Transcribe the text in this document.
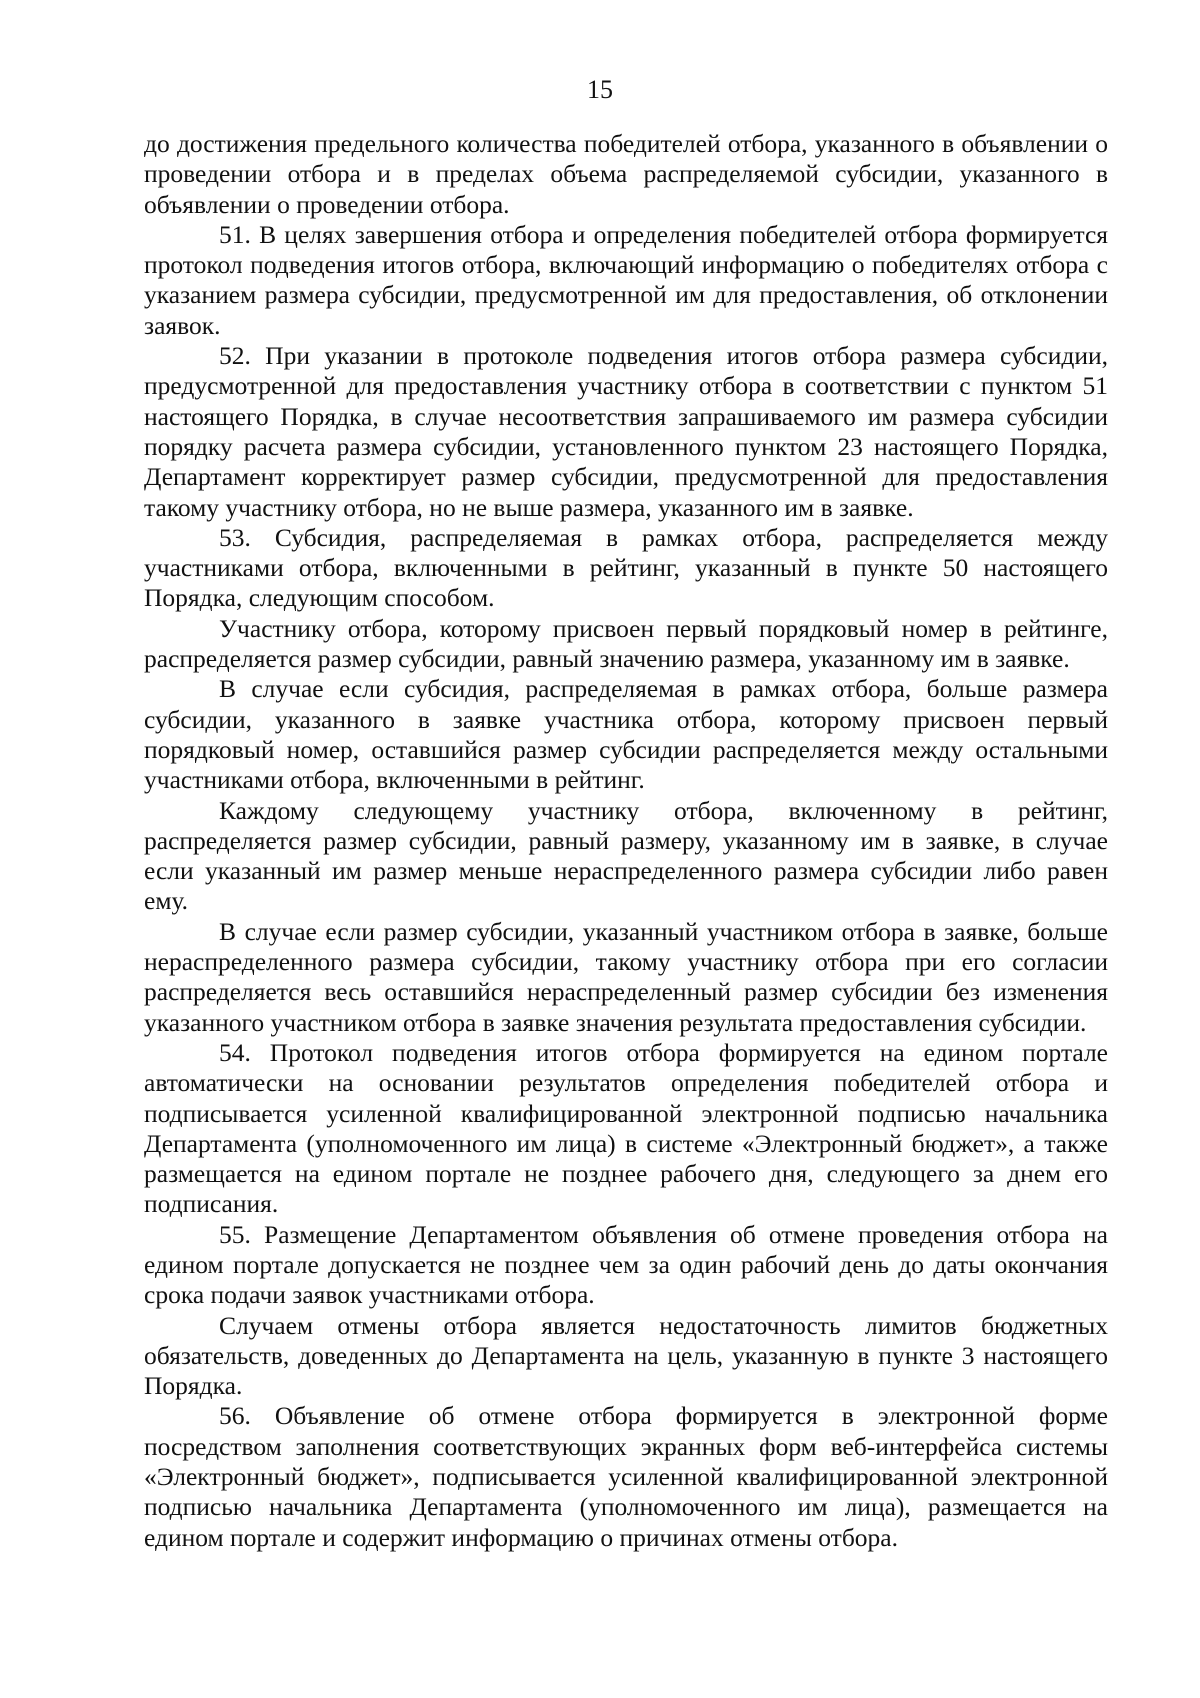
15

до достижения предельного количества победителей отбора, указанного в объявлении о проведении отбора и в пределах объема распределяемой субсидии, указанного в объявлении о проведении отбора.

51. В целях завершения отбора и определения победителей отбора формируется протокол подведения итогов отбора, включающий информацию о победителях отбора с указанием размера субсидии, предусмотренной им для предоставления, об отклонении заявок.

52. При указании в протоколе подведения итогов отбора размера субсидии, предусмотренной для предоставления участнику отбора в соответствии с пунктом 51 настоящего Порядка, в случае несоответствия запрашиваемого им размера субсидии порядку расчета размера субсидии, установленного пунктом 23 настоящего Порядка, Департамент корректирует размер субсидии, предусмотренной для предоставления такому участнику отбора, но не выше размера, указанного им в заявке.

53. Субсидия, распределяемая в рамках отбора, распределяется между участниками отбора, включенными в рейтинг, указанный в пункте 50 настоящего Порядка, следующим способом.

Участнику отбора, которому присвоен первый порядковый номер в рейтинге, распределяется размер субсидии, равный значению размера, указанному им в заявке.

В случае если субсидия, распределяемая в рамках отбора, больше размера субсидии, указанного в заявке участника отбора, которому присвоен первый порядковый номер, оставшийся размер субсидии распределяется между остальными участниками отбора, включенными в рейтинг.

Каждому следующему участнику отбора, включенному в рейтинг, распределяется размер субсидии, равный размеру, указанному им в заявке, в случае если указанный им размер меньше нераспределенного размера субсидии либо равен ему.

В случае если размер субсидии, указанный участником отбора в заявке, больше нераспределенного размера субсидии, такому участнику отбора при его согласии распределяется весь оставшийся нераспределенный размер субсидии без изменения указанного участником отбора в заявке значения результата предоставления субсидии.

54. Протокол подведения итогов отбора формируется на едином портале автоматически на основании результатов определения победителей отбора и подписывается усиленной квалифицированной электронной подписью начальника Департамента (уполномоченного им лица) в системе «Электронный бюджет», а также размещается на едином портале не позднее рабочего дня, следующего за днем его подписания.

55. Размещение Департаментом объявления об отмене проведения отбора на едином портале допускается не позднее чем за один рабочий день до даты окончания срока подачи заявок участниками отбора.

Случаем отмены отбора является недостаточность лимитов бюджетных обязательств, доведенных до Департамента на цель, указанную в пункте 3 настоящего Порядка.

56. Объявление об отмене отбора формируется в электронной форме посредством заполнения соответствующих экранных форм веб-интерфейса системы «Электронный бюджет», подписывается усиленной квалифицированной электронной подписью начальника Департамента (уполномоченного им лица), размещается на едином портале и содержит информацию о причинах отмены отбора.
